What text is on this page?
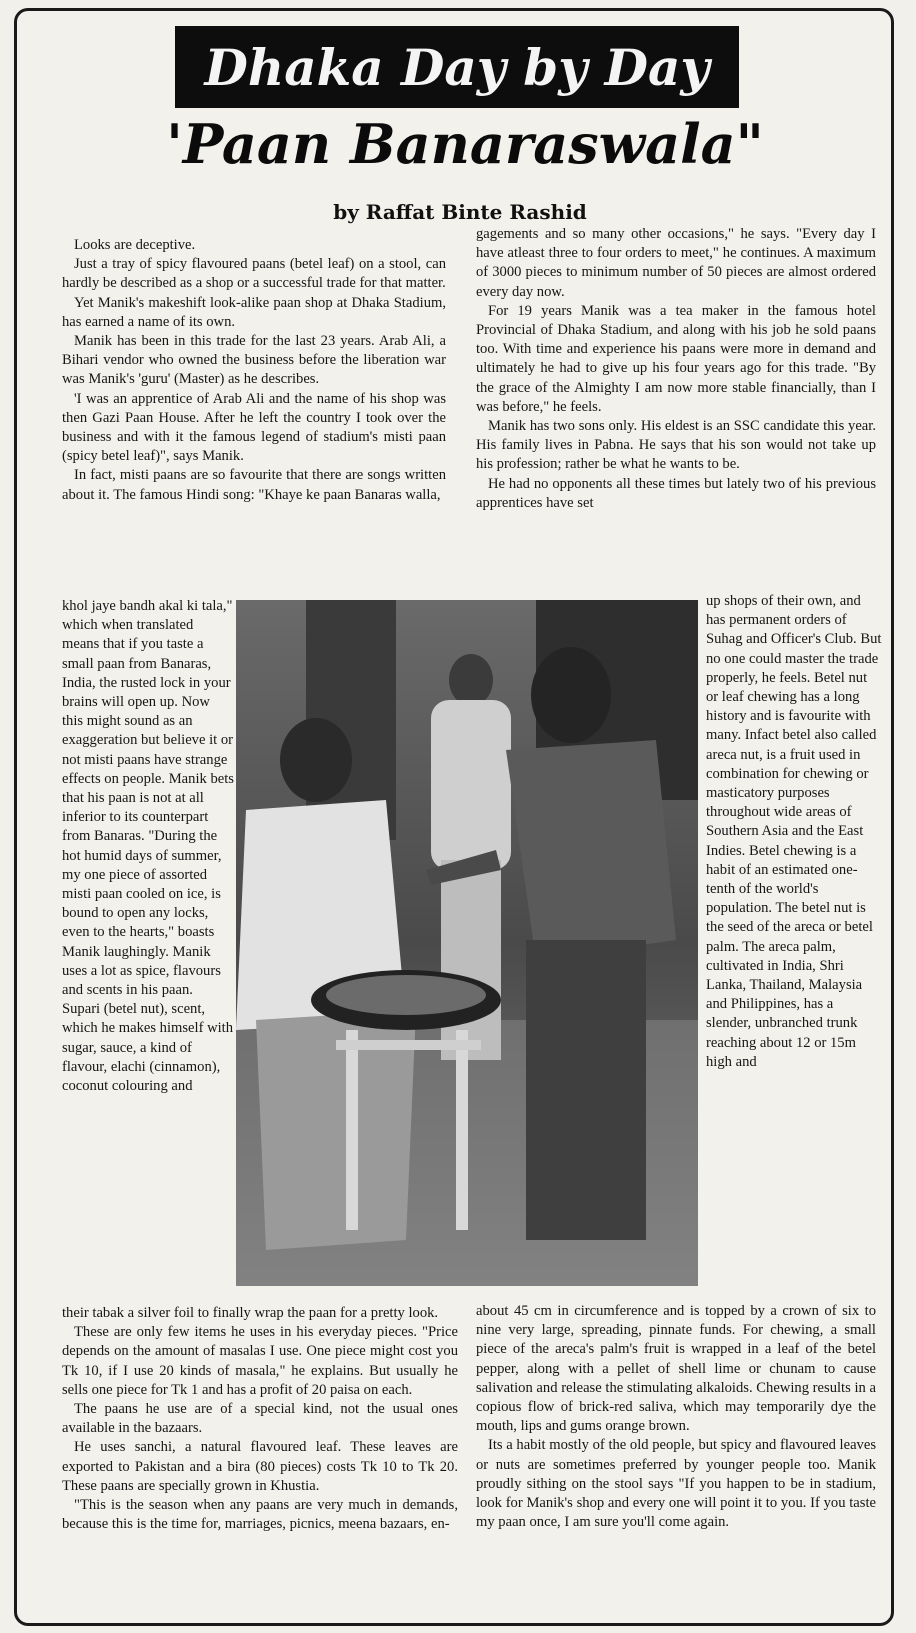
Dhaka Day by Day
'Paan Banaraswala"
by Raffat Binte Rashid

Looks are deceptive.

Just a tray of spicy flavoured paans (betel leaf) on a stool, can hardly be described as a shop or a successful trade for that matter.

Yet Manik's makeshift look-alike paan shop at Dhaka Stadium, has earned a name of its own.

Manik has been in this trade for the last 23 years. Arab Ali, a Bihari vendor who owned the business before the liberation war was Manik's 'guru' (Master) as he describes.

'I was an apprentice of Arab Ali and the name of his shop was then Gazi Paan House. After he left the country I took over the business and with it the famous legend of stadium's misti paan (spicy betel leaf)", says Manik.

In fact, misti paans are so favourite that there are songs written about it. The famous Hindi song: "Khaye ke paan Banaras walla,

khol jaye bandh akal ki tala," which when translated means that if you taste a small paan from Banaras, India, the rusted lock in your brains will open up. Now this might sound as an exaggeration but believe it or not misti paans have strange effects on people. Manik bets that his paan is not at all inferior to its counterpart from Banaras. "During the hot humid days of summer, my one piece of assorted misti paan cooled on ice, is bound to open any locks, even to the hearts," boasts Manik laughingly. Manik uses a lot as spice, flavours and scents in his paan. Supari (betel nut), scent, which he makes himself with sugar, sauce, a kind of flavour, elachi (cinnamon), coconut colouring and

their tabak a silver foil to finally wrap the paan for a pretty look.

These are only few items he uses in his everyday pieces. "Price depends on the amount of masalas I use. One piece might cost you Tk 10, if I use 20 kinds of masala," he explains. But usually he sells one piece for Tk 1 and has a profit of 20 paisa on each.

The paans he use are of a special kind, not the usual ones available in the bazaars.

He uses sanchi, a natural flavoured leaf. These leaves are exported to Pakistan and a bira (80 pieces) costs Tk 10 to Tk 20. These paans are specially grown in Khustia.

"This is the season when any paans are very much in demands, because this is the time for, marriages, picnics, meena bazaars, en-

gagements and so many other occasions," he says. "Every day I have atleast three to four orders to meet," he continues. A maximum of 3000 pieces to minimum number of 50 pieces are almost ordered every day now.

For 19 years Manik was a tea maker in the famous hotel Provincial of Dhaka Stadium, and along with his job he sold paans too. With time and experience his paans were more in demand and ultimately he had to give up his four years ago for this trade. "By the grace of the Almighty I am now more stable financially, than I was before," he feels.

Manik has two sons only. His eldest is an SSC candidate this year. His family lives in Pabna. He says that his son would not take up his profession; rather be what he wants to be.

He had no opponents all these times but lately two of his previous apprentices have set

up shops of their own, and has permanent orders of Suhag and Officer's Club. But no one could master the trade properly, he feels. Betel nut or leaf chewing has a long history and is favourite with many. Infact betel also called areca nut, is a fruit used in combination for chewing or masticatory purposes throughout wide areas of Southern Asia and the East Indies. Betel chewing is a habit of an estimated one-tenth of the world's population. The betel nut is the seed of the areca or betel palm. The areca palm, cultivated in India, Shri Lanka, Thailand, Malaysia and Philippines, has a slender, unbranched trunk reaching about 12 or 15m high and

about 45 cm in circumference and is topped by a crown of six to nine very large, spreading, pinnate funds. For chewing, a small piece of the areca's palm's fruit is wrapped in a leaf of the betel pepper, along with a pellet of shell lime or chunam to cause salivation and release the stimulating alkaloids. Chewing results in a copious flow of brick-red saliva, which may temporarily dye the mouth, lips and gums orange brown.

Its a habit mostly of the old people, but spicy and flavoured leaves or nuts are sometimes preferred by younger people too. Manik proudly sithing on the stool says "If you happen to be in stadium, look for Manik's shop and every one will point it to you. If you taste my paan once, I am sure you'll come again.
